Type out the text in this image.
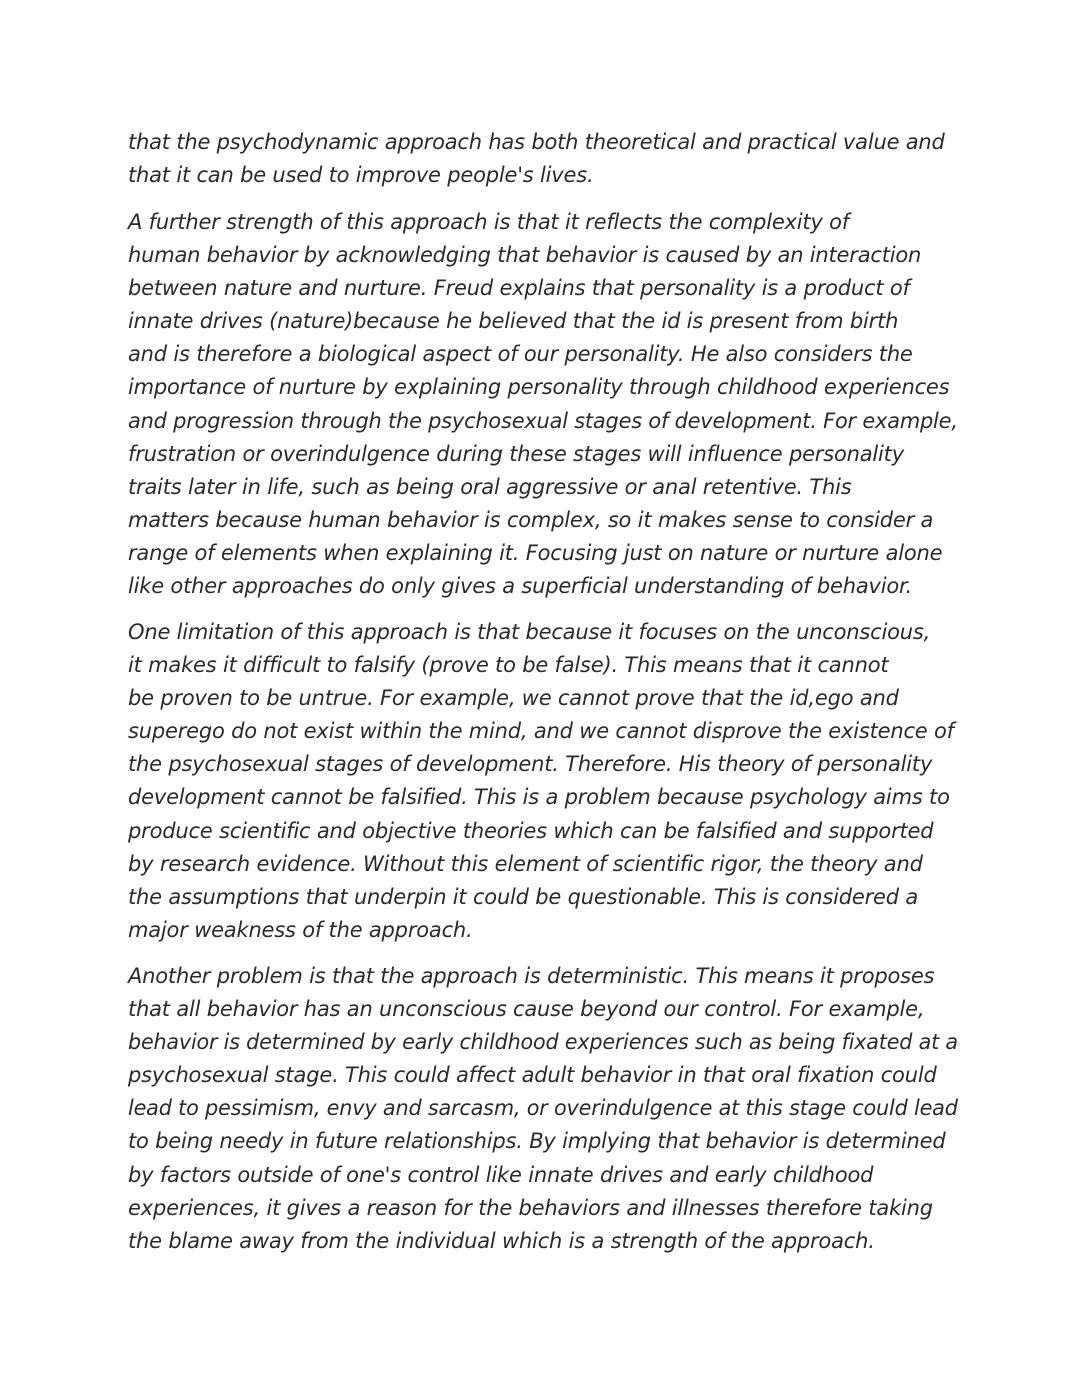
that the psychodynamic approach has both theoretical and practical value and
that it can be used to improve people's lives.

A further strength of this approach is that it reflects the complexity of
human behavior by acknowledging that behavior is caused by an interaction
between nature and nurture. Freud explains that personality is a product of
innate drives (nature)because he believed that the id is present from birth
and is therefore a biological aspect of our personality. He also considers the
importance of nurture by explaining personality through childhood experiences
and progression through the psychosexual stages of development. For example,
frustration or overindulgence during these stages will influence personality
traits later in life, such as being oral aggressive or anal retentive. This
matters because human behavior is complex, so it makes sense to consider a
range of elements when explaining it. Focusing just on nature or nurture alone
like other approaches do only gives a superficial understanding of behavior.

One limitation of this approach is that because it focuses on the unconscious,
it makes it difficult to falsify (prove to be false). This means that it cannot
be proven to be untrue. For example, we cannot prove that the id,ego and
superego do not exist within the mind, and we cannot disprove the existence of
the psychosexual stages of development. Therefore. His theory of personality
development cannot be falsified. This is a problem because psychology aims to
produce scientific and objective theories which can be falsified and supported
by research evidence. Without this element of scientific rigor, the theory and
the assumptions that underpin it could be questionable. This is considered a
major weakness of the approach.

Another problem is that the approach is deterministic. This means it proposes
that all behavior has an unconscious cause beyond our control. For example,
behavior is determined by early childhood experiences such as being fixated at a
psychosexual stage. This could affect adult behavior in that oral fixation could
lead to pessimism, envy and sarcasm, or overindulgence at this stage could lead
to being needy in future relationships. By implying that behavior is determined
by factors outside of one's control like innate drives and early childhood
experiences, it gives a reason for the behaviors and illnesses therefore taking
the blame away from the individual which is a strength of the approach.
